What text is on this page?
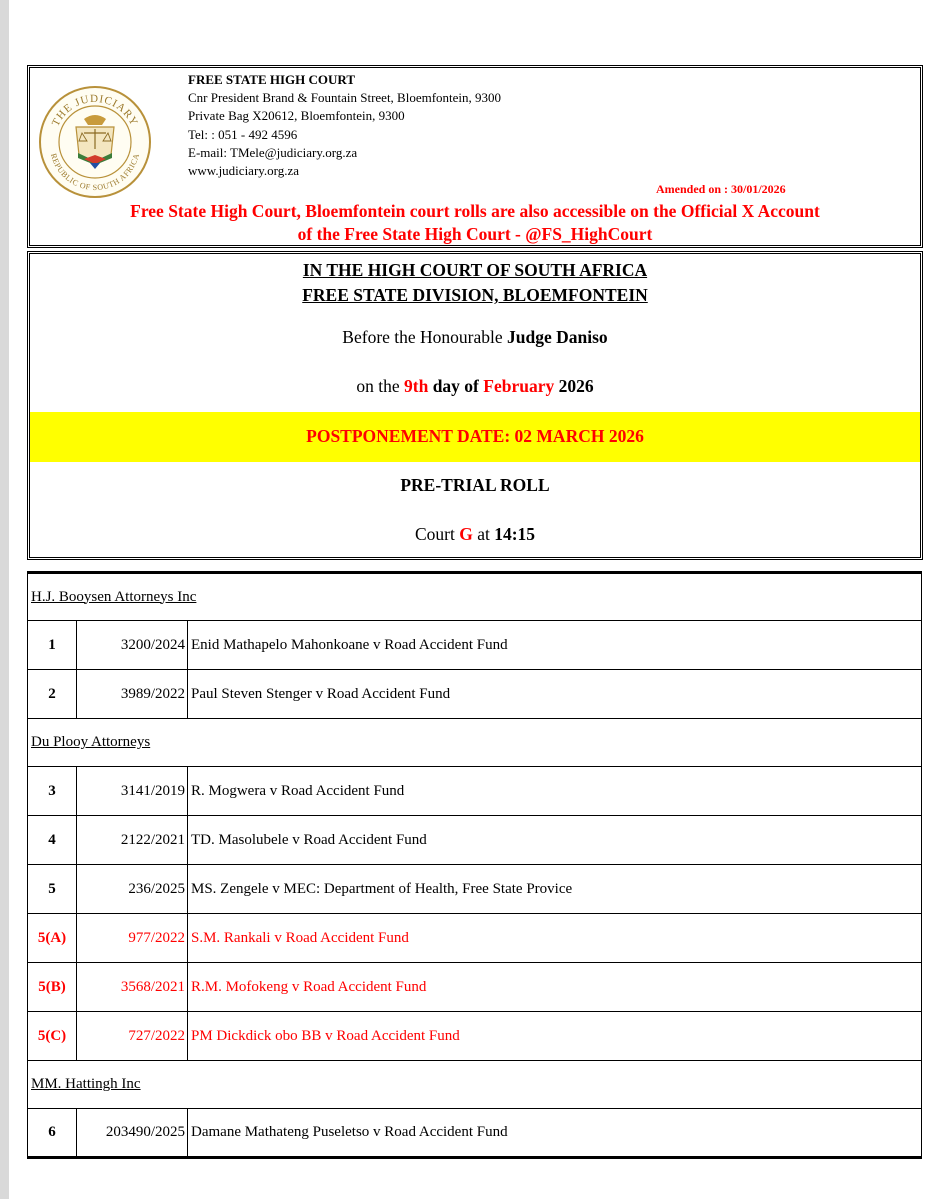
THE JUDICIARY
REPUBLIC OF SOUTH AFRICA
FREE STATE HIGH COURT
Cnr President Brand & Fountain Street, Bloemfontein, 9300
Private Bag X20612, Bloemfontein, 9300
Tel: : 051 - 492 4596
E-mail: TMele@judiciary.org.za
www.judiciary.org.za
Amended on : 30/01/2026
Free State High Court, Bloemfontein court rolls are also accessible on the Official X Account
of the Free State High Court - @FS_HighCourt
IN THE HIGH COURT OF SOUTH AFRICA
FREE STATE DIVISION, BLOEMFONTEIN
Before the Honourable Judge Daniso
on the 9th day of February 2026
POSTPONEMENT DATE: 02 MARCH 2026
PRE-TRIAL ROLL
Court G at 14:15
H.J. Booysen Attorneys Inc		
1	3200/2024	Enid Mathapelo Mahonkoane v Road Accident Fund
2	3989/2022	Paul Steven Stenger v Road Accident Fund
Du Plooy Attorneys		
3	3141/2019	R. Mogwera v Road Accident Fund
4	2122/2021	TD. Masolubele v Road Accident Fund
5	236/2025	MS. Zengele v MEC: Department of Health, Free State Provice
5(A)	977/2022	S.M. Rankali v Road Accident Fund
5(B)	3568/2021	R.M. Mofokeng v Road Accident Fund
5(C)	727/2022	PM Dickdick obo BB v Road Accident Fund
MM. Hattingh Inc		
6	203490/2025	Damane Mathateng Puseletso v Road Accident Fund
